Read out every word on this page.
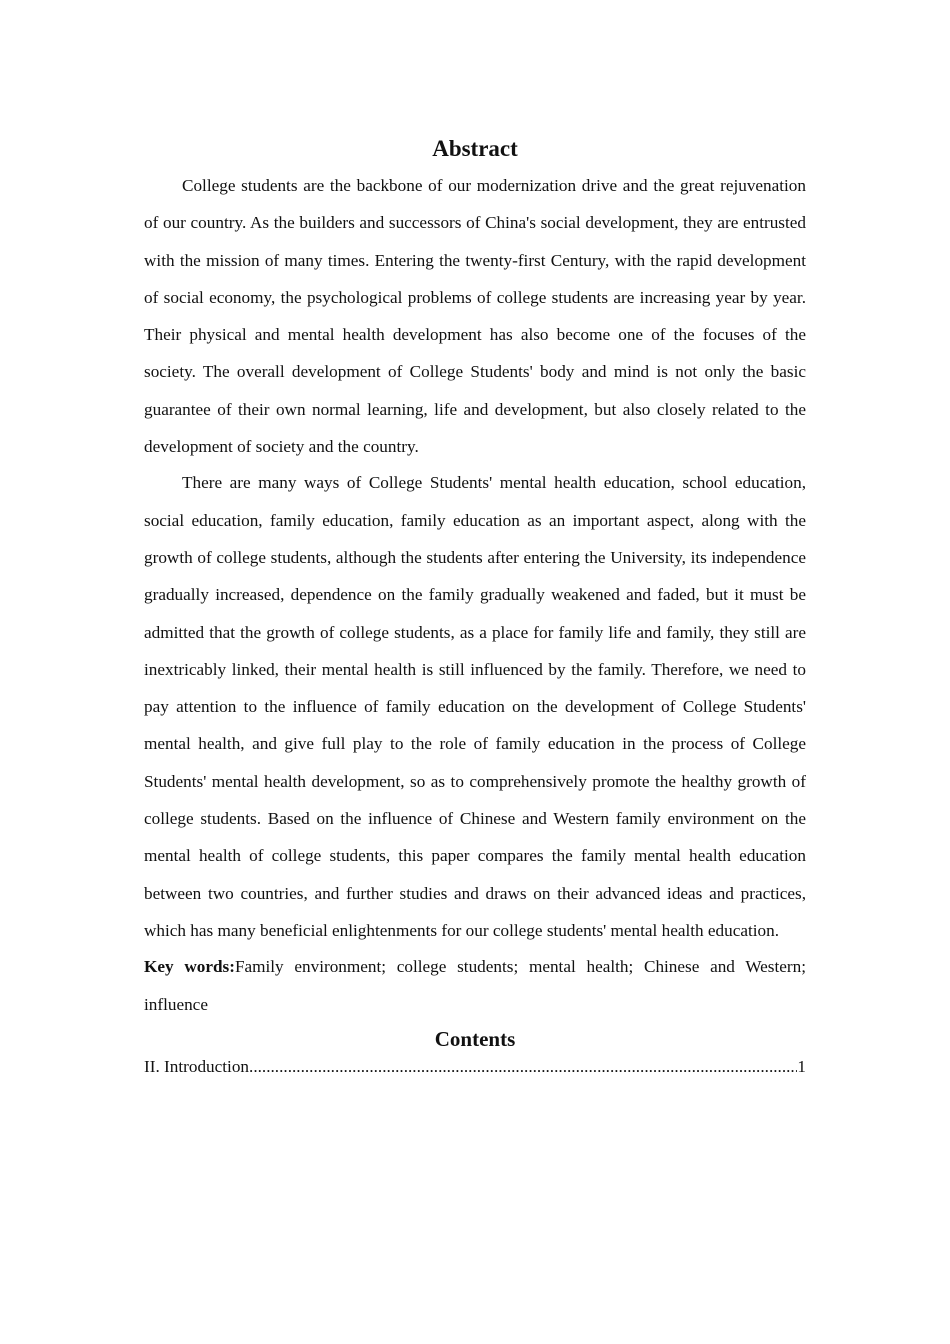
Abstract

College students are the backbone of our modernization drive and the great rejuvenation of our country. As the builders and successors of China's social development, they are entrusted with the mission of many times. Entering the twenty-first Century, with the rapid development of social economy, the psychological problems of college students are increasing year by year. Their physical and mental health development has also become one of the focuses of the society. The overall development of College Students' body and mind is not only the basic guarantee of their own normal learning, life and development, but also closely related to the development of society and the country.

There are many ways of College Students' mental health education, school education, social education, family education, family education as an important aspect, along with the growth of college students, although the students after entering the University, its independence gradually increased, dependence on the family gradually weakened and faded, but it must be admitted that the growth of college students, as a place for family life and family, they still are inextricably linked, their mental health is still influenced by the family. Therefore, we need to pay attention to the influence of family education on the development of College Students' mental health, and give full play to the role of family education in the process of College Students' mental health development, so as to comprehensively promote the healthy growth of college students. Based on the influence of Chinese and Western family environment on the mental health of college students, this paper compares the family mental health education between two countries, and further studies and draws on their advanced ideas and practices, which has many beneficial enlightenments for our college students' mental health education.

Key words:Family environment; college students; mental health; Chinese and Western; influence

Contents
II. Introduction
.....	1
